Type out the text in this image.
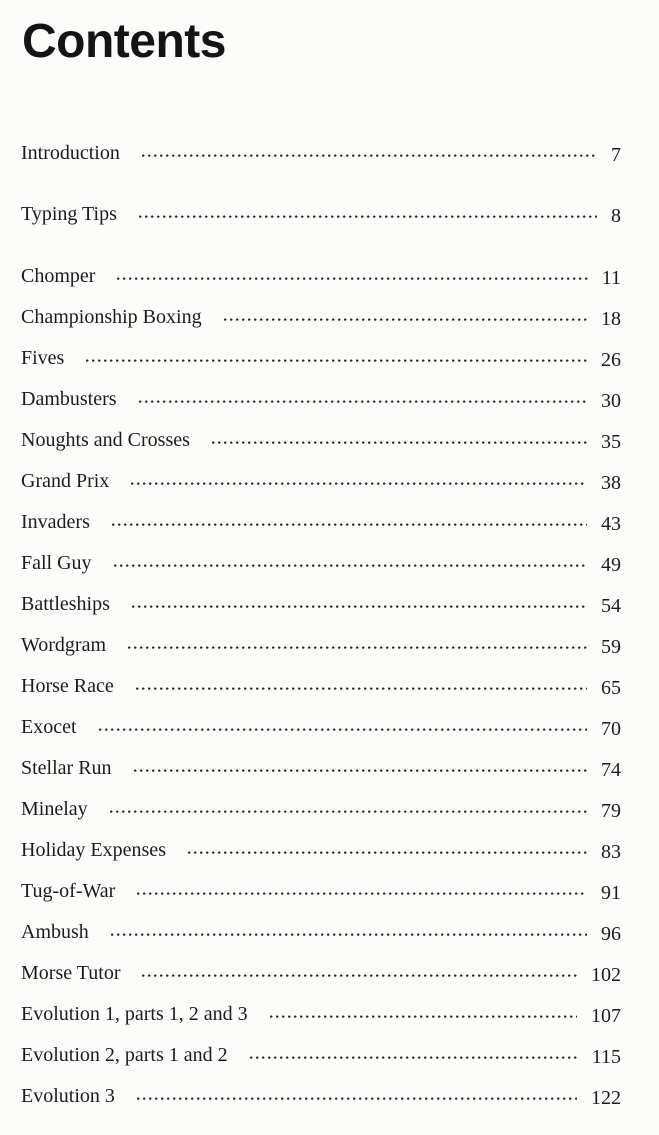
Contents
Introduction	7
Typing Tips	8
Chomper	11
Championship Boxing	18
Fives	26
Dambusters	30
Noughts and Crosses	35
Grand Prix	38
Invaders	43
Fall Guy	49
Battleships	54
Wordgram	59
Horse Race	65
Exocet	70
Stellar Run	74
Minelay	79
Holiday Expenses	83
Tug-of-War	91
Ambush	96
Morse Tutor	102
Evolution 1, parts 1, 2 and 3	107
Evolution 2, parts 1 and 2	115
Evolution 3	122
